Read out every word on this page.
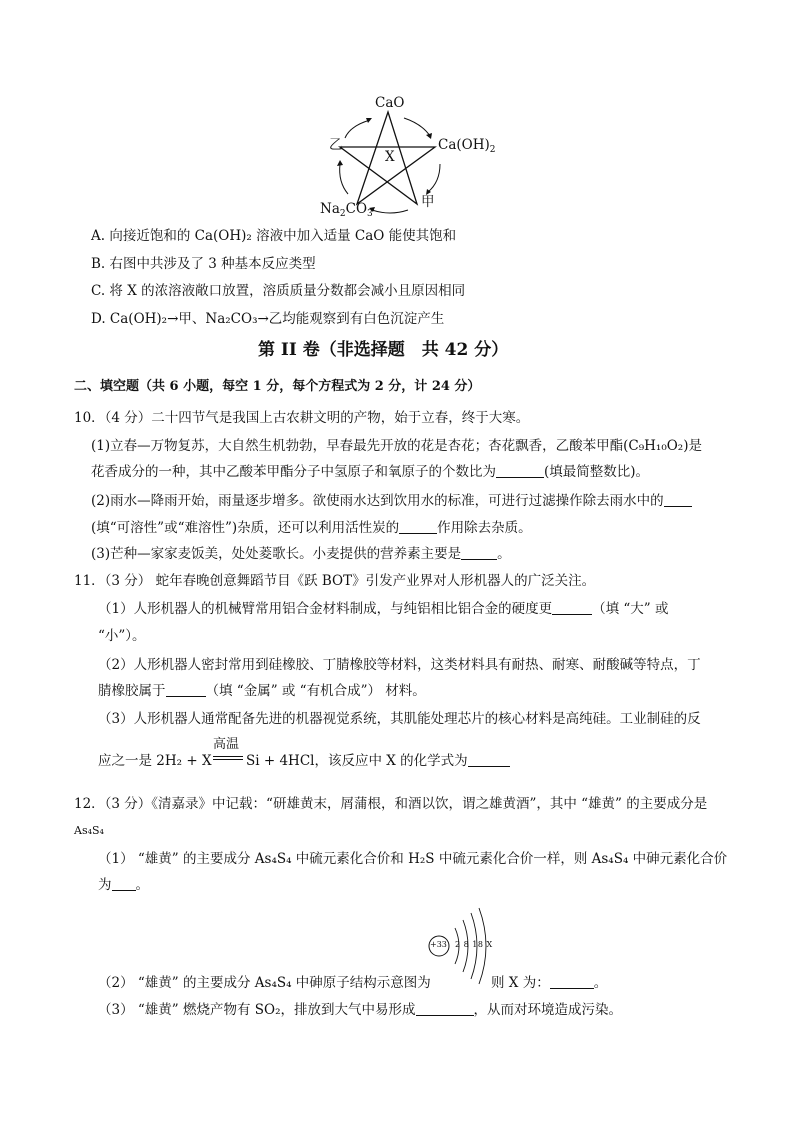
CaO
乙	$Ca(OH)_2$
X
$Na_2CO_3$
甲
A. 向接近饱和的 Ca(OH)₂ 溶液中加入适量 CaO 能使其饱和
B. 右图中共涉及了 3 种基本反应类型
C. 将 X 的浓溶液敞口放置，溶质质量分数都会减小且原因相同
D. Ca(OH)₂→甲、Na₂CO₃→乙均能观察到有白色沉淀产生
第 II 卷（非选择题　共 42 分）
二、填空题（共 6 小题，每空 1 分，每个方程式为 2 分，计 24 分）
10．（4 分）二十四节气是我国上古农耕文明的产物，始于立春，终于大寒。
(1)立春—万物复苏，大自然生机勃勃，早春最先开放的花是杏花；杏花飘香，乙酸苯甲酯(C₉H₁₀O₂)是
花香成分的一种，其中乙酸苯甲酯分子中氢原子和氧原子的个数比为	(填最简整数比)。
(2)雨水—降雨开始，雨量逐步增多。欲使雨水达到饮用水的标准，可进行过滤操作除去雨水中的
(填“可溶性”或“难溶性”)杂质，还可以利用活性炭的	作用除去杂质。
(3)芒种—家家麦饭美，处处菱歌长。小麦提供的营养素主要是	。
11．（3 分） 蛇年春晚创意舞蹈节目《跃 BOT》引发产业界对人形机器人的广泛关注。
（1）人形机器人的机械臂常用铝合金材料制成，与纯铝相比铝合金的硬度更	（填 “大” 或
“小”）。
（2）人形机器人密封常用到硅橡胶、丁腈橡胶等材料，这类材料具有耐热、耐寒、耐酸碱等特点，丁
腈橡胶属于	（填 “金属” 或 “有机合成”） 材料。
（3）人形机器人通常配备先进的机器视觉系统，其肌能处理芯片的核心材料是高纯硅。工业制硅的反
高温
应之一是 2H₂ + X	Si + 4HCl，该反应中 X 的化学式为
12．（3 分）《清嘉录》中记载：“研雄黄末，屑蒲根，和酒以饮，谓之雄黄酒”，其中 “雄黄” 的主要成分是
As₄S₄
（1） “雄黄” 的主要成分 As₄S₄ 中硫元素化合价和 H₂S 中硫元素化合价一样，则 As₄S₄ 中砷元素化合价
为 。
+33 2 8 18 X
（2） “雄黄” 的主要成分 As₄S₄ 中砷原子结构示意图为	则 X 为：	。
（3） “雄黄” 燃烧产物有 SO₂，排放到大气中易形成	，从而对环境造成污染。
